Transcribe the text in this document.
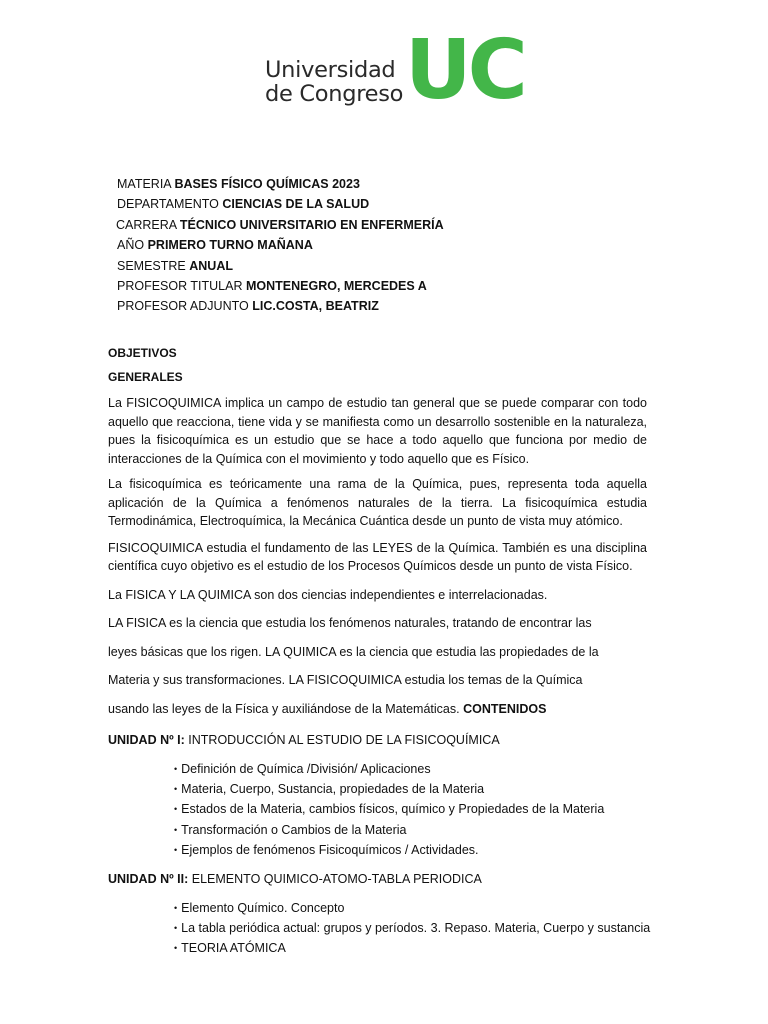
Universidad
de Congreso UC
MATERIA BASES FÍSICO QUÍMICAS 2023
DEPARTAMENTO CIENCIAS DE LA SALUD
CARRERA TÉCNICO UNIVERSITARIO EN ENFERMERÍA
AÑO PRIMERO TURNO MAÑANA
SEMESTRE ANUAL
PROFESOR TITULAR MONTENEGRO, MERCEDES A
PROFESOR ADJUNTO LIC.COSTA, BEATRIZ
OBJETIVOS
GENERALES

La FISICOQUIMICA implica un campo de estudio tan general que se puede comparar con todo aquello que reacciona, tiene vida y se manifiesta como un desarrollo sostenible en la naturaleza, pues la fisicoquímica es un estudio que se hace a todo aquello que funciona por medio de interacciones de la Química con el movimiento y todo aquello que es Físico.

La fisicoquímica es teóricamente una rama de la Química, pues, representa toda aquella aplicación de la Química a fenómenos naturales de la tierra. La fisicoquímica estudia Termodinámica, Electroquímica, la Mecánica Cuántica desde un punto de vista muy atómico.

FISICOQUIMICA estudia el fundamento de las LEYES de la Química. También es una disciplina científica cuyo objetivo es el estudio de los Procesos Químicos desde un punto de vista Físico.

La FISICA Y LA QUIMICA son dos ciencias independientes e interrelacionadas.

LA FISICA es la ciencia que estudia los fenómenos naturales, tratando de encontrar las

leyes básicas que los rigen. LA QUIMICA es la ciencia que estudia las propiedades de la

Materia y sus transformaciones. LA FISICOQUIMICA estudia los temas de la Química

usando las leyes de la Física y auxiliándose de la Matemáticas. CONTENIDOS

UNIDAD Nº I: INTRODUCCIÓN AL ESTUDIO DE LA FISICOQUÍMICA

• Definición de Química /División/ Aplicaciones
• Materia, Cuerpo, Sustancia, propiedades de la Materia
• Estados de la Materia, cambios físicos, químico y Propiedades de la Materia
• Transformación o Cambios de la Materia
• Ejemplos de fenómenos Fisicoquímicos / Actividades.

UNIDAD Nº II: ELEMENTO QUIMICO-ATOMO-TABLA PERIODICA

• Elemento Químico. Concepto
• La tabla periódica actual: grupos y períodos. 3. Repaso. Materia, Cuerpo y sustancia
• TEORIA ATÓMICA
